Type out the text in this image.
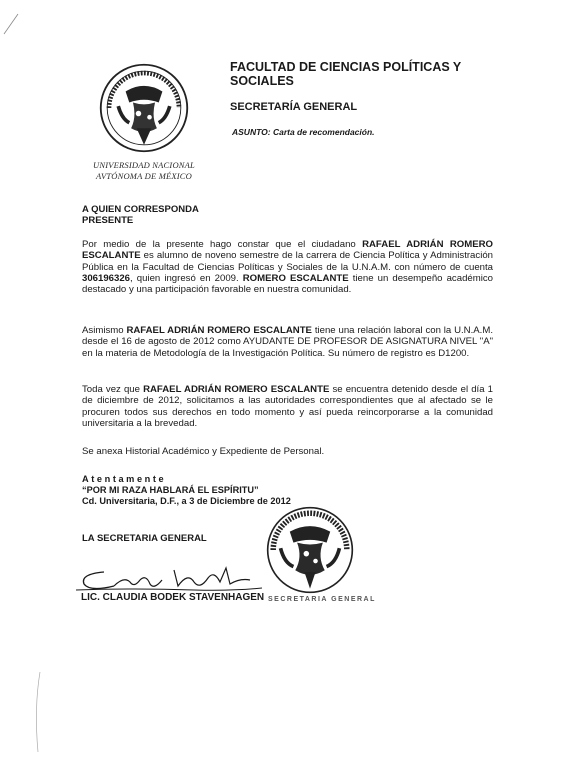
UNIVERSIDAD NACIONAL
AVTÓNOMA DE MÉXICO
FACULTAD DE CIENCIAS POLÍTICAS Y SOCIALES
SECRETARÍA GENERAL
ASUNTO: Carta de recomendación.
A QUIEN CORRESPONDA
PRESENTE
Por medio de la presente hago constar que el ciudadano RAFAEL ADRIÁN ROMERO ESCALANTE es alumno de noveno semestre de la carrera de Ciencia Política y Administración Pública en la Facultad de Ciencias Políticas y Sociales de la U.N.A.M. con número de cuenta 306196326, quien ingresó en 2009. ROMERO ESCALANTE tiene un desempeño académico destacado y una participación favorable en nuestra comunidad.
Asimismo RAFAEL ADRIÁN ROMERO ESCALANTE tiene una relación laboral con la U.N.A.M. desde el 16 de agosto de 2012 como AYUDANTE DE PROFESOR DE ASIGNATURA NIVEL "A" en la materia de Metodología de la Investigación Política. Su número de registro es D1200.
Toda vez que RAFAEL ADRIÁN ROMERO ESCALANTE se encuentra detenido desde el día 1 de diciembre de 2012, solicitamos a las autoridades correspondientes que al afectado se le procuren todos sus derechos en todo momento y así pueda reincorporarse a la comunidad universitaria a la brevedad.
Se anexa Historial Académico y Expediente de Personal.
Atentamente
“POR MI RAZA HABLARÁ EL ESPÍRITU”
Cd. Universitaria, D.F., a 3 de Diciembre de 2012
LA SECRETARIA GENERAL
LIC. CLAUDIA BODEK STAVENHAGEN SECRETARIA GENERAL
